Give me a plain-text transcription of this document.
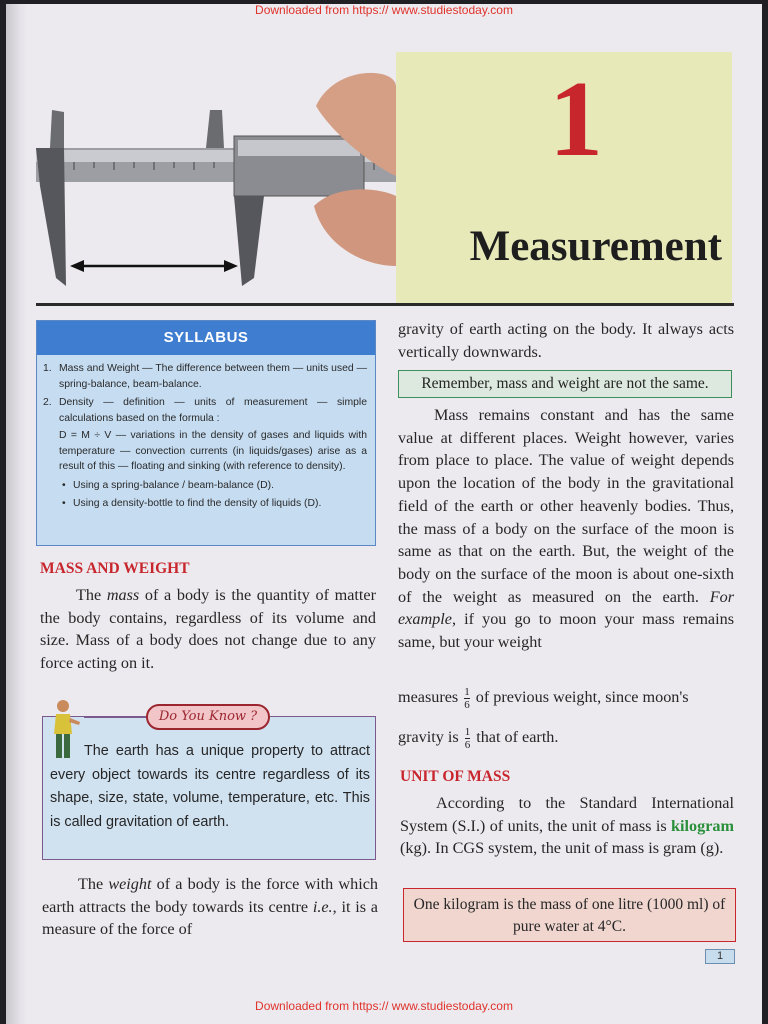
Downloaded from https:// www.studiestoday.com
1
Measurement
SYLLABUS
1. Mass and Weight — The difference between them — units used — spring-balance, beam-balance.
2. Density — definition — units of measurement — simple calculations based on the formula :
D = M ÷ V — variations in the density of gases and liquids with temperature — convection currents (in liquids/gases) arise as a result of this — floating and sinking (with reference to density).
• Using a spring-balance / beam-balance (D).
• Using a density-bottle to find the density of liquids (D).
MASS AND WEIGHT
The mass of a body is the quantity of matter the body contains, regardless of its volume and size. Mass of a body does not change due to any force acting on it.
Do You Know ?
The earth has a unique property to attract every object towards its centre regardless of its shape, size, state, volume, temperature, etc. This is called gravitation of earth.
The weight of a body is the force with which earth attracts the body towards its centre i.e., it is a measure of the force of
gravity of earth acting on the body. It always acts vertically downwards.
Remember, mass and weight are not the same.
Mass remains constant and has the same value at different places. Weight however, varies from place to place. The value of weight depends upon the location of the body in the gravitational field of the earth or other heavenly bodies. Thus, the mass of a body on the surface of the moon is same as that on the earth. But, the weight of the body on the surface of the moon is about one-sixth of the weight as measured on the earth. For example, if you go to moon your mass remains same, but your weight
measures $\frac{1}{6}$ of previous weight, since moon's
gravity is $\frac{1}{6}$ that of earth.
UNIT OF MASS
According to the Standard International System (S.I.) of units, the unit of mass is kilogram (kg). In CGS system, the unit of mass is gram (g).
One kilogram is the mass of one litre (1000 ml) of pure water at 4°C.
1
Downloaded from https:// www.studiestoday.com
